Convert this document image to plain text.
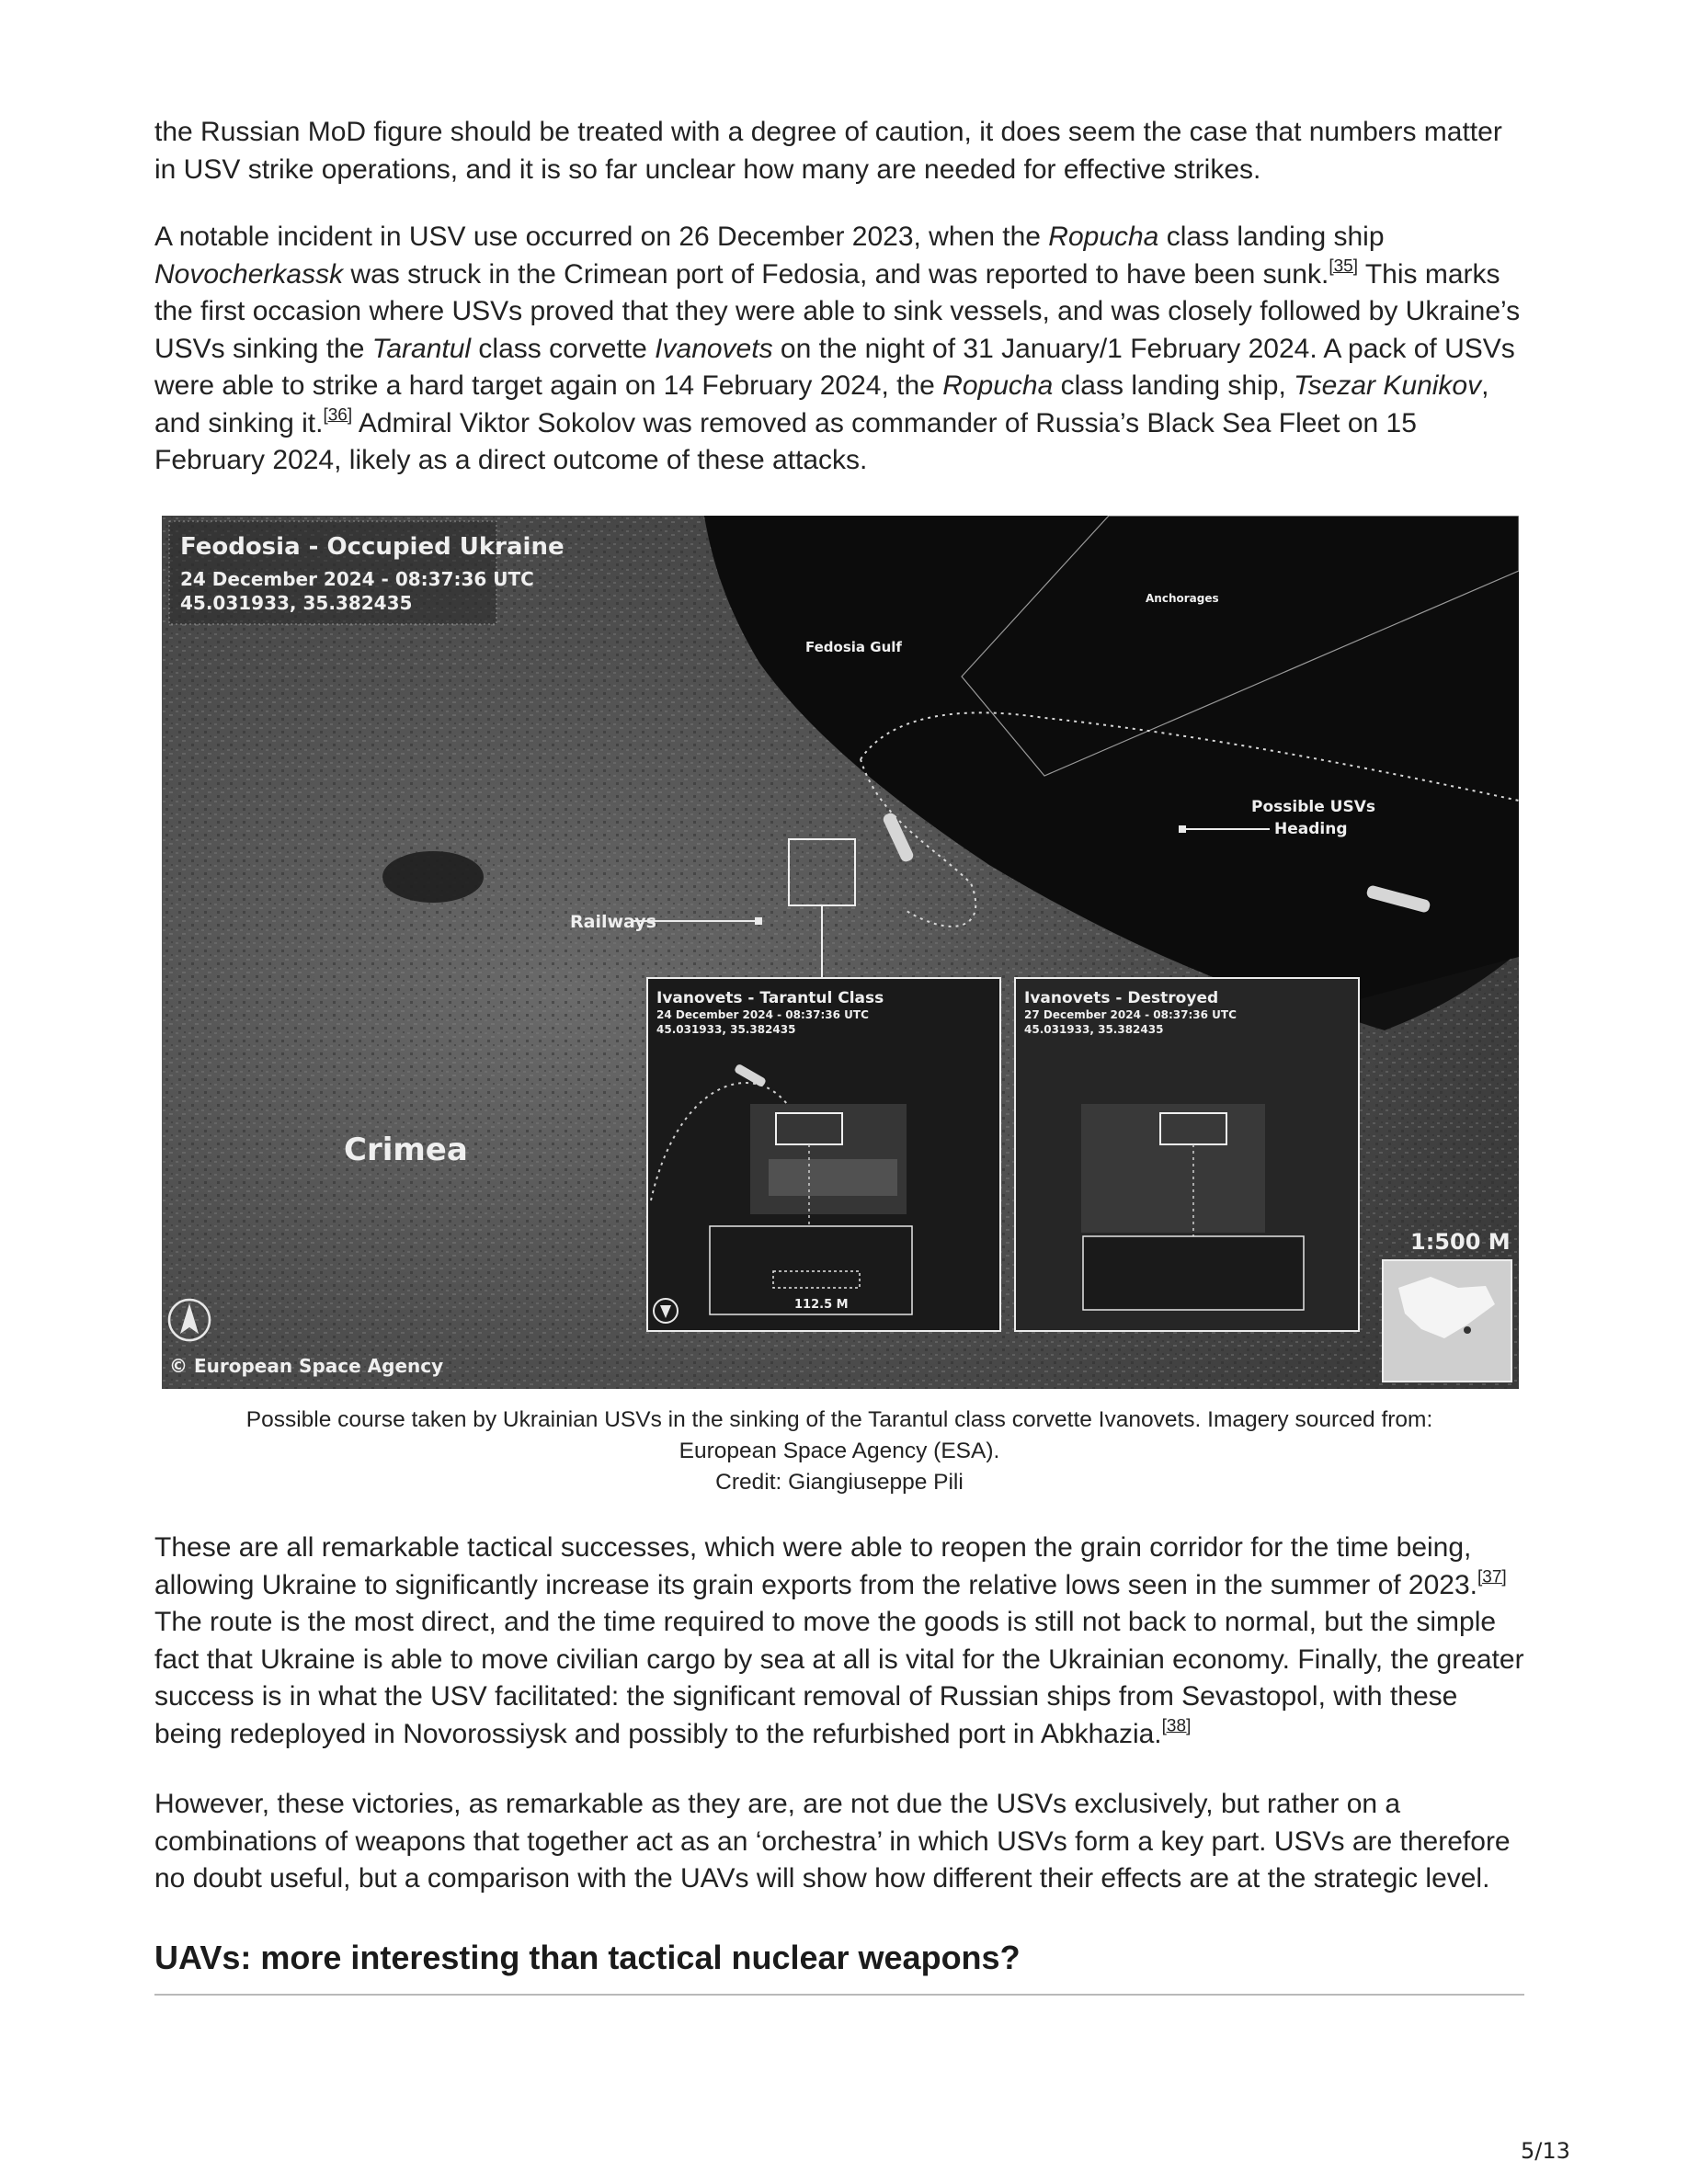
the Russian MoD figure should be treated with a degree of caution, it does seem the case that numbers matter in USV strike operations, and it is so far unclear how many are needed for effective strikes.

A notable incident in USV use occurred on 26 December 2023, when the Ropucha class landing ship Novocherkassk was struck in the Crimean port of Fedosia, and was reported to have been sunk.[35] This marks the first occasion where USVs proved that they were able to sink vessels, and was closely followed by Ukraine’s USVs sinking the Tarantul class corvette Ivanovets on the night of 31 January/1 February 2024. A pack of USVs were able to strike a hard target again on 14 February 2024, the Ropucha class landing ship, Tsezar Kunikov, and sinking it.[36] Admiral Viktor Sokolov was removed as commander of Russia’s Black Sea Fleet on 15 February 2024, likely as a direct outcome of these attacks.

Feodosia - Occupied Ukraine
24 December 2024 - 08:37:36 UTC
45.031933, 35.382435	Anchorages
Fedosia Gulf
Possible USVs
Heading
Railways
Crimea
112.5 M
Ivanovets - Tarantul Class
24 December 2024 - 08:37:36 UTC
45.031933, 35.382435
Ivanovets - Destroyed
27 December 2024 - 08:37:36 UTC
45.031933, 35.382435
1:500 M
© European Space Agency
Possible course taken by Ukrainian USVs in the sinking of the Tarantul class corvette Ivanovets. Imagery sourced from:
European Space Agency (ESA).
Credit: Giangiuseppe Pili

These are all remarkable tactical successes, which were able to reopen the grain corridor for the time being, allowing Ukraine to significantly increase its grain exports from the relative lows seen in the summer of 2023.[37] The route is the most direct, and the time required to move the goods is still not back to normal, but the simple fact that Ukraine is able to move civilian cargo by sea at all is vital for the Ukrainian economy. Finally, the greater success is in what the USV facilitated: the significant removal of Russian ships from Sevastopol, with these being redeployed in Novorossiysk and possibly to the refurbished port in Abkhazia.[38]

However, these victories, as remarkable as they are, are not due the USVs exclusively, but rather on a combinations of weapons that together act as an ‘orchestra’ in which USVs form a key part. USVs are therefore no doubt useful, but a comparison with the UAVs will show how different their effects are at the strategic level.

UAVs: more interesting than tactical nuclear weapons?
5/13
